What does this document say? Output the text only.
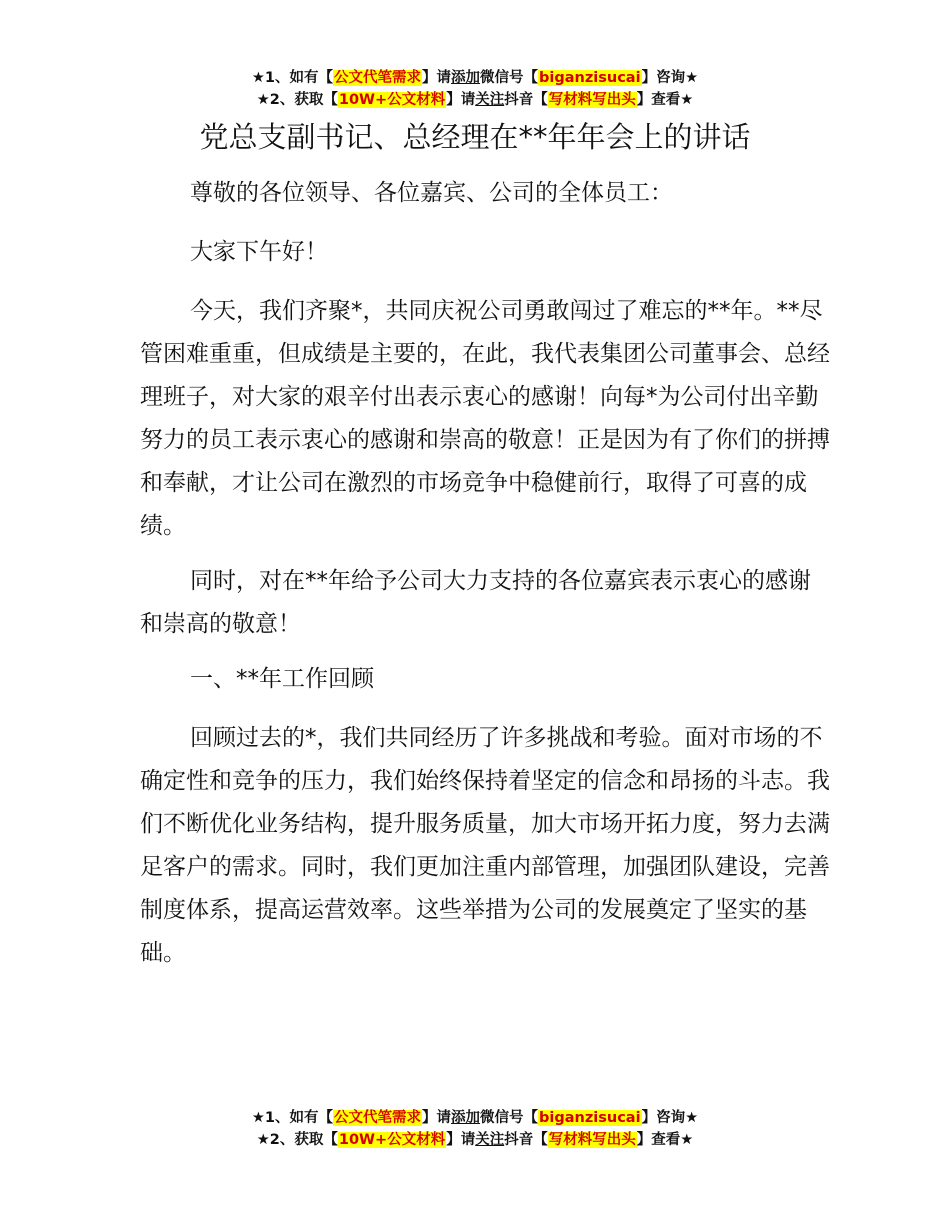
★1、如有【公文代笔需求】请添加微信号【biganzisucai】咨询★
★2、获取【10W+公文材料】请关注抖音【写材料写出头】查看★
党总支副书记、总经理在**年年会上的讲话

尊敬的各位领导、各位嘉宾、公司的全体员工：

大家下午好！

今天，我们齐聚*，共同庆祝公司勇敢闯过了难忘的**年。**尽管困难重重，但成绩是主要的，在此，我代表集团公司董事会、总经理班子，对大家的艰辛付出表示衷心的感谢！向每*为公司付出辛勤努力的员工表示衷心的感谢和崇高的敬意！正是因为有了你们的拼搏和奉献，才让公司在激烈的市场竞争中稳健前行，取得了可喜的成绩。

同时，对在**年给予公司大力支持的各位嘉宾表示衷心的感谢和崇高的敬意！

一、**年工作回顾

回顾过去的*，我们共同经历了许多挑战和考验。面对市场的不确定性和竞争的压力，我们始终保持着坚定的信念和昂扬的斗志。我们不断优化业务结构，提升服务质量，加大市场开拓力度，努力去满足客户的需求。同时，我们更加注重内部管理，加强团队建设，完善制度体系，提高运营效率。这些举措为公司的发展奠定了坚实的基础。

★1、如有【公文代笔需求】请添加微信号【biganzisucai】咨询★
★2、获取【10W+公文材料】请关注抖音【写材料写出头】查看★
